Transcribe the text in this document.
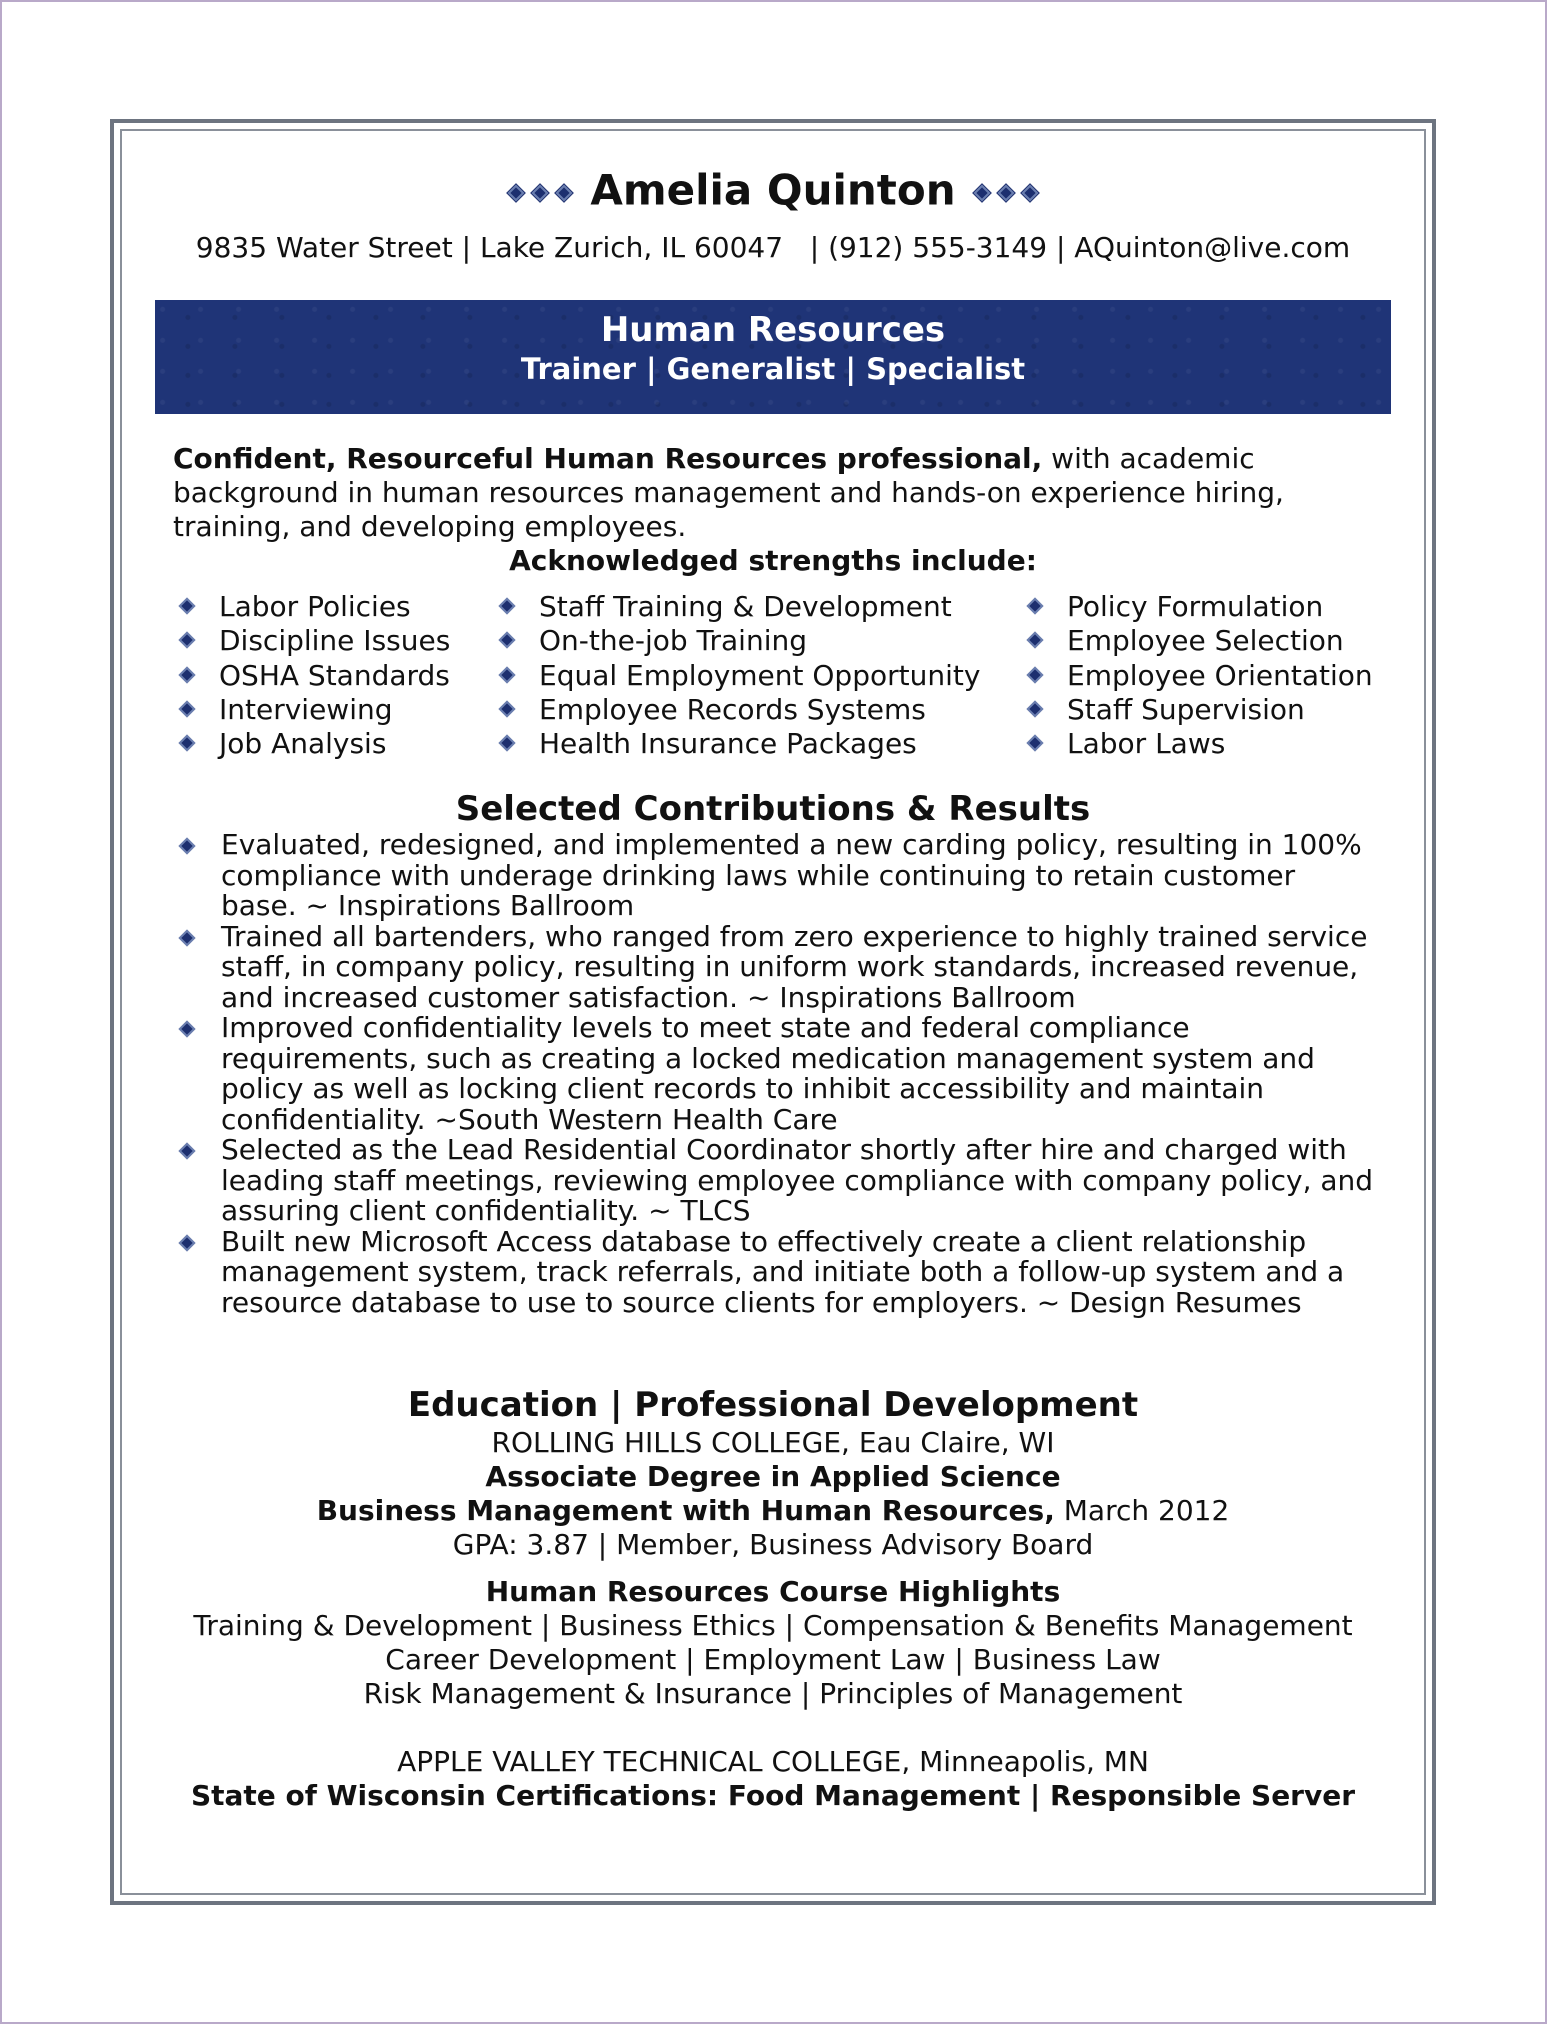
Amelia Quinton
9835 Water Street | Lake Zurich, IL 60047   | (912) 555-3149 | AQuinton@live.com
Human Resources
Trainer | Generalist | Specialist

Confident, Resourceful Human Resources professional, with academic background in human resources management and hands-on experience hiring, training, and developing employees.

Acknowledged strengths include:
Labor Policies
Discipline Issues
OSHA Standards
Interviewing
Job Analysis
Staff Training & Development
On-the-job Training
Equal Employment Opportunity
Employee Records Systems
Health Insurance Packages
Policy Formulation
Employee Selection
Employee Orientation
Staff Supervision
Labor Laws
Selected Contributions & Results
Evaluated, redesigned, and implemented a new carding policy, resulting in 100% compliance with underage drinking laws while continuing to retain customer base. ~ Inspirations Ballroom
Trained all bartenders, who ranged from zero experience to highly trained service staff, in company policy, resulting in uniform work standards, increased revenue, and increased customer satisfaction. ~ Inspirations Ballroom
Improved confidentiality levels to meet state and federal compliance requirements, such as creating a locked medication management system and policy as well as locking client records to inhibit accessibility and maintain confidentiality. ~South Western Health Care
Selected as the Lead Residential Coordinator shortly after hire and charged with leading staff meetings, reviewing employee compliance with company policy, and assuring client confidentiality. ~ TLCS
Built new Microsoft Access database to effectively create a client relationship management system, track referrals, and initiate both a follow-up system and a resource database to use to source clients for employers. ~ Design Resumes
Education | Professional Development
ROLLING HILLS COLLEGE, Eau Claire, WI
Associate Degree in Applied Science
Business Management with Human Resources, March 2012
GPA: 3.87 | Member, Business Advisory Board
Human Resources Course Highlights
Training & Development | Business Ethics | Compensation & Benefits Management
Career Development | Employment Law | Business Law
Risk Management & Insurance | Principles of Management
APPLE VALLEY TECHNICAL COLLEGE, Minneapolis, MN
State of Wisconsin Certifications: Food Management | Responsible Server
